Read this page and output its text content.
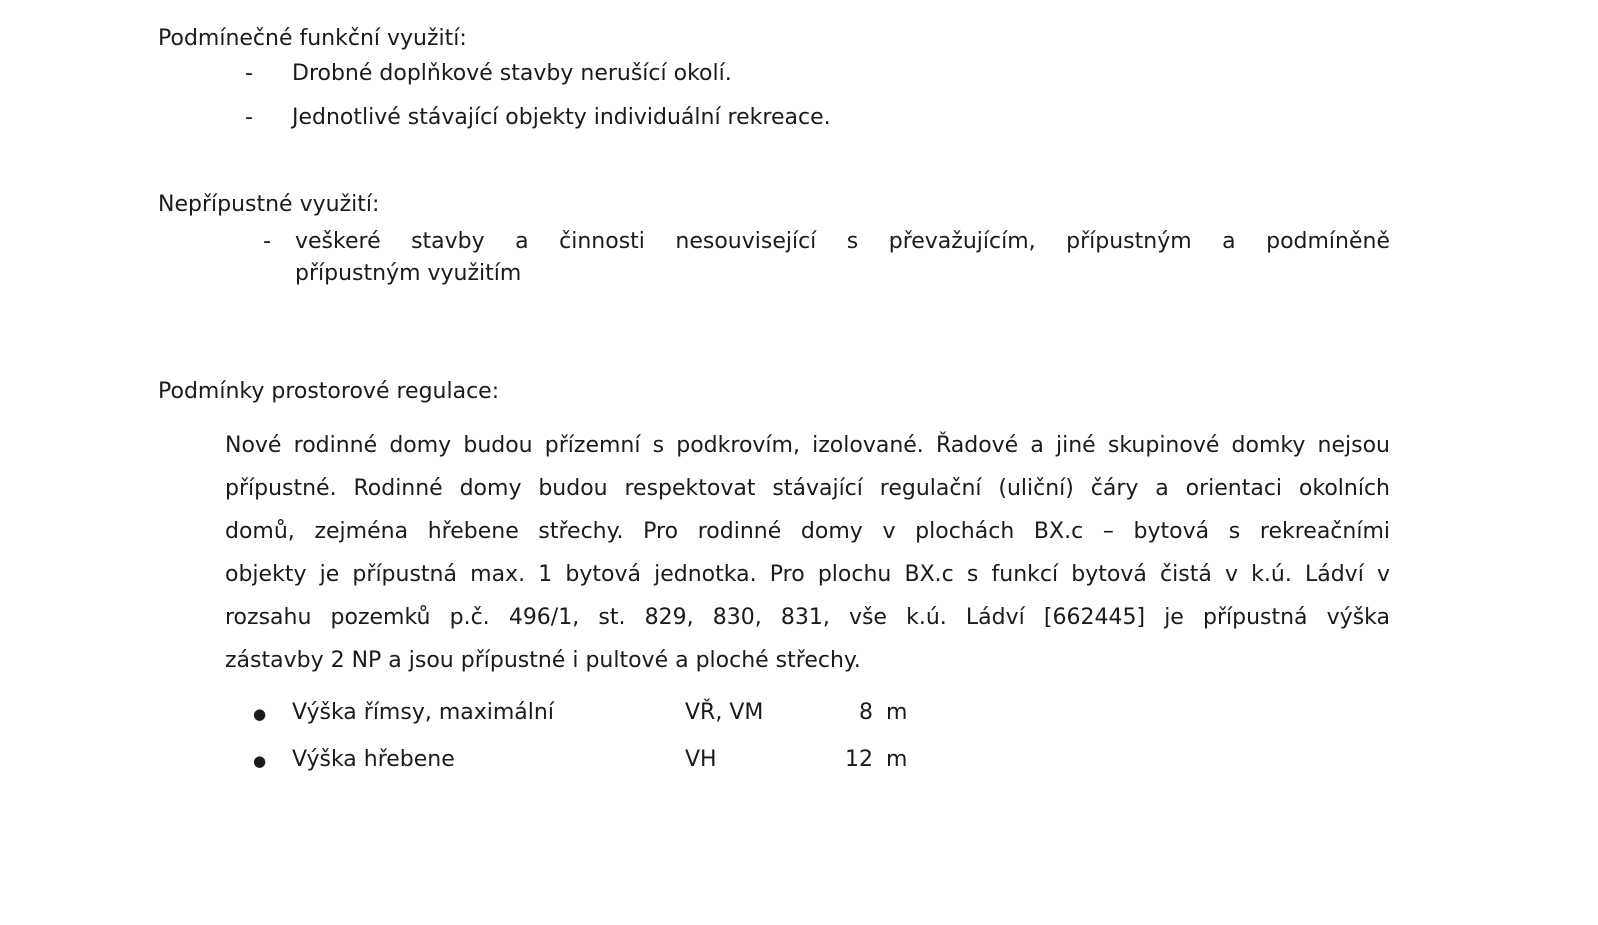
Podmínečné funkční využití:
-	Drobné doplňkové stavby nerušící okolí.
-	Jednotlivé stávající objekty individuální rekreace.
Nepřípustné využití:
-	veškeré stavby a činnosti nesouvisející s převažujícím, přípustným a podmíněně
přípustným využitím
Podmínky prostorové regulace:
Nové rodinné domy budou přízemní s podkrovím, izolované. Řadové a jiné skupinové domky nejsou
přípustné. Rodinné domy budou respektovat stávající regulační (uliční) čáry a orientaci okolních
domů, zejména hřebene střechy. Pro rodinné domy v plochách BX.c – bytová s rekreačními
objekty je přípustná max. 1 bytová jednotka. Pro plochu BX.c s funkcí bytová čistá v k.ú. Ládví v
rozsahu pozemků p.č. 496/1, st. 829, 830, 831, vše k.ú. Ládví [662445] je přípustná výška
zástavby 2 NP a jsou přípustné i pultové a ploché střechy.
●	Výška římsy, maximální	VŘ, VM	8 m
●	Výška hřebene	VH	12 m
